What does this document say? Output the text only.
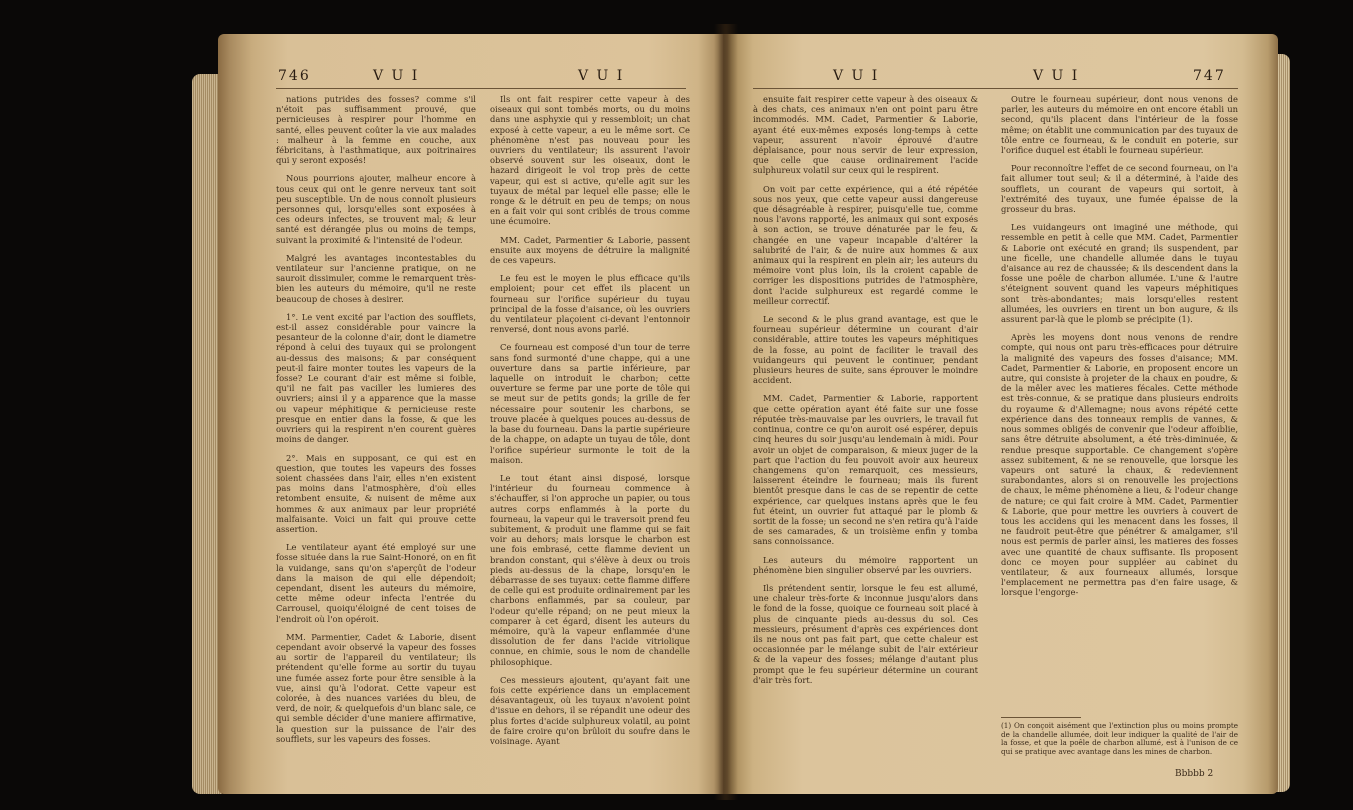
746	V U I	V U I

nations putrides des fosses? comme s'il n'étoit pas suffisamment prouvé, que pernicieuses à respirer pour l'homme en santé, elles peuvent coûter la vie aux malades : malheur à la femme en couche, aux fébricitans, à l'asthmatique, aux poitrinaires qui y seront exposés!

Nous pourrions ajouter, malheur encore à tous ceux qui ont le genre nerveux tant soit peu susceptible. Un de nous connoît plusieurs personnes qui, lorsqu'elles sont exposées à ces odeurs infectes, se trouvent mal; & leur santé est dérangée plus ou moins de temps, suivant la proximité & l'intensité de l'odeur.

Malgré les avantages incontestables du ventilateur sur l'ancienne pratique, on ne sauroit dissimuler, comme le remarquent très-bien les auteurs du mémoire, qu'il ne reste beaucoup de choses à desirer.

1°. Le vent excité par l'action des soufflets, est-il assez considérable pour vaincre la pesanteur de la colonne d'air, dont le diametre répond à celui des tuyaux qui se prolongent au-dessus des maisons; & par conséquent peut-il faire monter toutes les vapeurs de la fosse? Le courant d'air est même si foible, qu'il ne fait pas vaciller les lumieres des ouvriers; ainsi il y a apparence que la masse ou vapeur méphitique & pernicieuse reste presque en entier dans la fosse, & que les ouvriers qui la respirent n'en courent guères moins de danger.

2°. Mais en supposant, ce qui est en question, que toutes les vapeurs des fosses soient chassées dans l'air, elles n'en existent pas moins dans l'atmosphère, d'où elles retombent ensuite, & nuisent de même aux hommes & aux animaux par leur propriété malfaisante. Voici un fait qui prouve cette assertion.

Le ventilateur ayant été employé sur une fosse située dans la rue Saint-Honoré, on en fit la vuidange, sans qu'on s'aperçût de l'odeur dans la maison de qui elle dépendoit; cependant, disent les auteurs du mémoire, cette même odeur infecta l'entrée du Carrousel, quoiqu'éloigné de cent toises de l'endroit où l'on opéroit.

MM. Parmentier, Cadet & Laborie, disent cependant avoir observé la vapeur des fosses au sortir de l'appareil du ventilateur; ils prétendent qu'elle forme au sortir du tuyau une fumée assez forte pour être sensible à la vue, ainsi qu'à l'odorat. Cette vapeur est colorée, à des nuances variées du bleu, de verd, de noir, & quelquefois d'un blanc sale, ce qui semble décider d'une maniere affirmative, la question sur la puissance de l'air des soufflets, sur les vapeurs des fosses.

Ils ont fait respirer cette vapeur à des oiseaux qui sont tombés morts, ou du moins dans une asphyxie qui y ressembloit; un chat exposé à cette vapeur, a eu le même sort. Ce phénomène n'est pas nouveau pour les ouvriers du ventilateur; ils assurent l'avoir observé souvent sur les oiseaux, dont le hazard dirigeoit le vol trop près de cette vapeur, qui est si active, qu'elle agit sur les tuyaux de métal par lequel elle passe; elle le ronge & le détruit en peu de temps; on nous en a fait voir qui sont criblés de trous comme une écumoire.

MM. Cadet, Parmentier & Laborie, passent ensuite aux moyens de détruire la malignité de ces vapeurs.

Le feu est le moyen le plus efficace qu'ils emploient; pour cet effet ils placent un fourneau sur l'orifice supérieur du tuyau principal de la fosse d'aisance, où les ouvriers du ventilateur plaçoient ci-devant l'entonnoir renversé, dont nous avons parlé.

Ce fourneau est composé d'un tour de terre sans fond surmonté d'une chappe, qui a une ouverture dans sa partie inférieure, par laquelle on introduit le charbon; cette ouverture se ferme par une porte de tôle qui se meut sur de petits gonds; la grille de fer nécessaire pour soutenir les charbons, se trouve placée à quelques pouces au-dessus de la base du fourneau. Dans la partie supérieure de la chappe, on adapte un tuyau de tôle, dont l'orifice supérieur surmonte le toit de la maison.

Le tout étant ainsi disposé, lorsque l'intérieur du fourneau commence à s'échauffer, si l'on approche un papier, ou tous autres corps enflammés à la porte du fourneau, la vapeur qui le traversoit prend feu subitement, & produit une flamme qui se fait voir au dehors; mais lorsque le charbon est une fois embrasé, cette flamme devient un brandon constant, qui s'élève à deux ou trois pieds au-dessus de la chape, lorsqu'en le débarrasse de ses tuyaux: cette flamme differe de celle qui est produite ordinairement par les charbons enflammés, par sa couleur, par l'odeur qu'elle répand; on ne peut mieux la comparer à cet égard, disent les auteurs du mémoire, qu'à la vapeur enflammée d'une dissolution de fer dans l'acide vitriolique connue, en chimie, sous le nom de chandelle philosophique.

Ces messieurs ajoutent, qu'ayant fait une fois cette expérience dans un emplacement désavantageux, où les tuyaux n'avoient point d'issue en dehors, il se répandit une odeur des plus fortes d'acide sulphureux volatil, au point de faire croire qu'on brûloit du soufre dans le voisinage. Ayant

V U I	V U I	747

ensuite fait respirer cette vapeur à des oiseaux & à des chats, ces animaux n'en ont point paru être incommodés. MM. Cadet, Parmentier & Laborie, ayant été eux-mêmes exposés long-temps à cette vapeur, assurent n'avoir éprouvé d'autre déplaisance, pour nous servir de leur expression, que celle que cause ordinairement l'acide sulphureux volatil sur ceux qui le respirent.

On voit par cette expérience, qui a été répétée sous nos yeux, que cette vapeur aussi dangereuse que désagréable à respirer, puisqu'elle tue, comme nous l'avons rapporté, les animaux qui sont exposés à son action, se trouve dénaturée par le feu, & changée en une vapeur incapable d'altérer la salubrité de l'air, & de nuire aux hommes & aux animaux qui la respirent en plein air; les auteurs du mémoire vont plus loin, ils la croient capable de corriger les dispositions putrides de l'atmosphère, dont l'acide sulphureux est regardé comme le meilleur correctif.

Le second & le plus grand avantage, est que le fourneau supérieur détermine un courant d'air considérable, attire toutes les vapeurs méphitiques de la fosse, au point de faciliter le travail des vuidangeurs qui peuvent le continuer, pendant plusieurs heures de suite, sans éprouver le moindre accident.

MM. Cadet, Parmentier & Laborie, rapportent que cette opération ayant été faite sur une fosse réputée très-mauvaise par les ouvriers, le travail fut continua, contre ce qu'on auroit osé espérer, depuis cinq heures du soir jusqu'au lendemain à midi. Pour avoir un objet de comparaison, & mieux juger de la part que l'action du feu pouvoit avoir aux heureux changemens qu'on remarquoit, ces messieurs, laisserent éteindre le fourneau; mais ils furent bientôt presque dans le cas de se repentir de cette expérience, car quelques instans après que le feu fut éteint, un ouvrier fut attaqué par le plomb & sortit de la fosse; un second ne s'en retira qu'à l'aide de ses camarades, & un troisième enfin y tomba sans connoissance.

Les auteurs du mémoire rapportent un phénomène bien singulier observé par les ouvriers.

Ils prétendent sentir, lorsque le feu est allumé, une chaleur très-forte & inconnue jusqu'alors dans le fond de la fosse, quoique ce fourneau soit placé à plus de cinquante pieds au-dessus du sol. Ces messieurs, présument d'après ces expériences dont ils ne nous ont pas fait part, que cette chaleur est occasionnée par le mélange subit de l'air extérieur & de la vapeur des fosses; mélange d'autant plus prompt que le feu supérieur détermine un courant d'air très fort.

Outre le fourneau supérieur, dont nous venons de parler, les auteurs du mémoire en ont encore établi un second, qu'ils placent dans l'intérieur de la fosse même; on établit une communication par des tuyaux de tôle entre ce fourneau, & le conduit en poterie, sur l'orifice duquel est établi le fourneau supérieur.

Pour reconnoître l'effet de ce second fourneau, on l'a fait allumer tout seul; & il a déterminé, à l'aide des soufflets, un courant de vapeurs qui sortoit, à l'extrémité des tuyaux, une fumée épaisse de la grosseur du bras.

Les vuidangeurs ont imaginé une méthode, qui ressemble en petit à celle que MM. Cadet, Parmentier & Laborie ont exécuté en grand; ils suspendent, par une ficelle, une chandelle allumée dans le tuyau d'aisance au rez de chaussée; & ils descendent dans la fosse une poêle de charbon allumée. L'une & l'autre s'éteignent souvent quand les vapeurs méphitiques sont très-abondantes; mais lorsqu'elles restent allumées, les ouvriers en tirent un bon augure, & ils assurent par-là que le plomb se précipite (1).

Après les moyens dont nous venons de rendre compte, qui nous ont paru très-efficaces pour détruire la malignité des vapeurs des fosses d'aisance; MM. Cadet, Parmentier & Laborie, en proposent encore un autre, qui consiste à projeter de la chaux en poudre, & de la mêler avec les matieres fécales. Cette méthode est très-connue, & se pratique dans plusieurs endroits du royaume & d'Allemagne; nous avons répété cette expérience dans des tonneaux remplis de vannes, & nous sommes obligés de convenir que l'odeur affoiblie, sans être détruite absolument, a été très-diminuée, & rendue presque supportable. Ce changement s'opère assez subitement, & ne se renouvelle, que lorsque les vapeurs ont saturé la chaux, & redeviennent surabondantes, alors si on renouvelle les projections de chaux, le même phénomène a lieu, & l'odeur change de nature; ce qui fait croire à MM. Cadet, Parmentier & Laborie, que pour mettre les ouvriers à couvert de tous les accidens qui les menacent dans les fosses, il ne faudroit peut-être que pénétrer & amalgamer, s'il nous est permis de parler ainsi, les matieres des fosses avec une quantité de chaux suffisante. Ils proposent donc ce moyen pour suppléer au cabinet du ventilateur, & aux fourneaux allumés, lorsque l'emplacement ne permettra pas d'en faire usage, & lorsque l'engorge-

(1) On conçoit aisément que l'extinction plus ou moins prompte de la chandelle allumée, doit leur indiquer la qualité de l'air de la fosse, et que la poêle de charbon allumé, est à l'unison de ce qui se pratique avec avantage dans les mines de charbon.
Bbbbb 2
